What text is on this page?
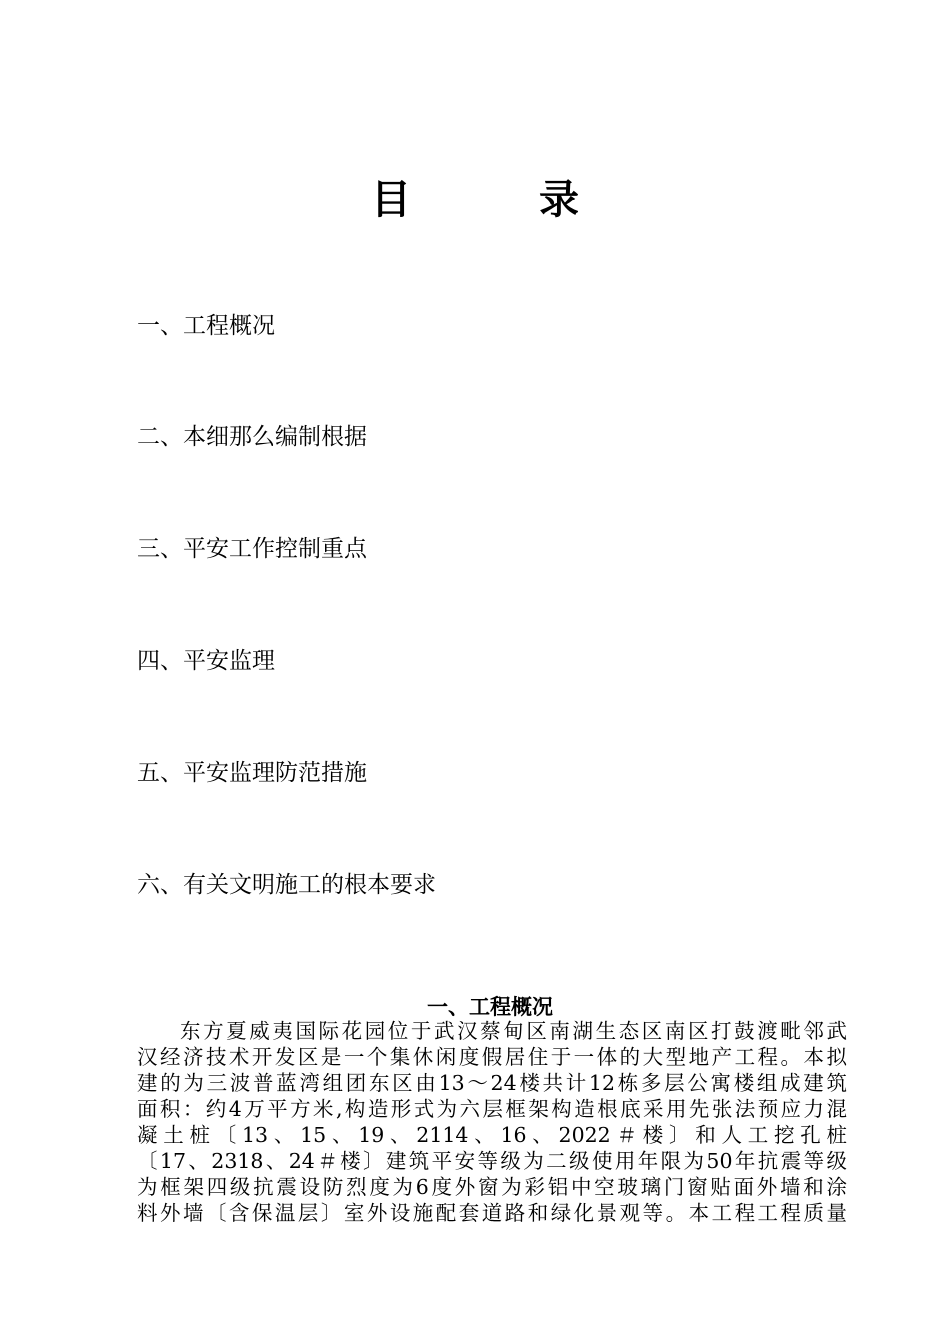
目　录
一、工程概况
二、本细那么编制根据
三、平安工作控制重点
四、平安监理
五、平安监理防范措施
六、有关文明施工的根本要求
一、工程概况
东方夏威夷国际花园位于武汉蔡甸区南湖生态区南区打鼓渡毗邻武
汉经济技术开发区是一个集休闲度假居住于一体的大型地产工程。本拟
建的为三波普蓝湾组团东区由13～24楼共计12栋多层公寓楼组成建筑
面积：约4万平方米,构造形式为六层框架构造根底采用先张法预应力混
凝土桩〔13、15、19、2114、16、2022＃楼〕和人工挖孔桩
〔17、2318、24＃楼〕建筑平安等级为二级使用年限为50年抗震等级
为框架四级抗震设防烈度为6度外窗为彩铝中空玻璃门窗贴面外墙和涂
料外墙〔含保温层〕室外设施配套道路和绿化景观等。本工程工程质量
